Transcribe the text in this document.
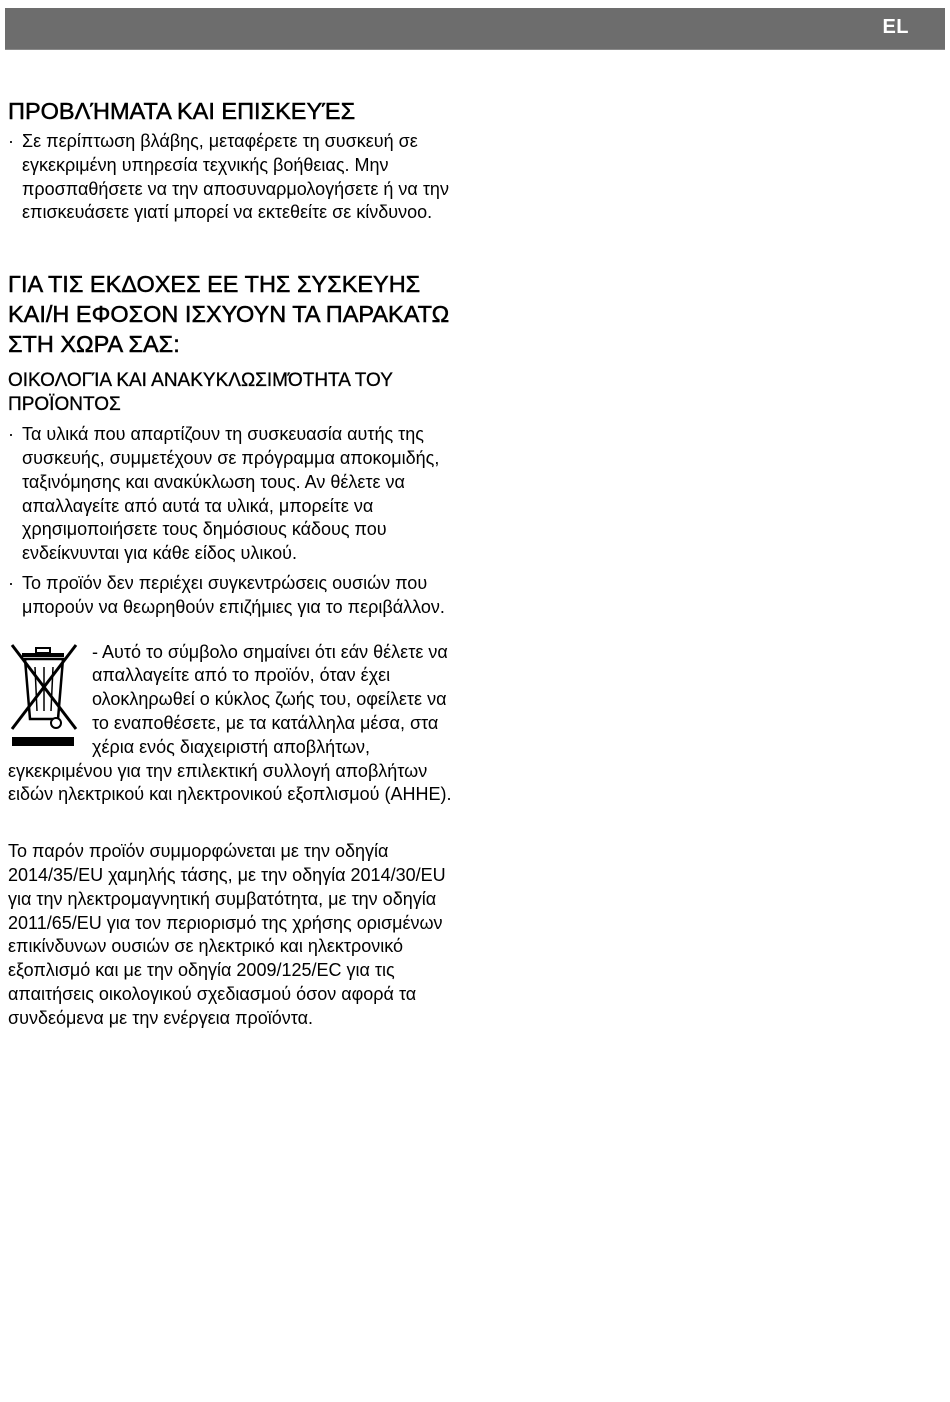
EL
ΠΡΟΒΛΉΜΑΤΑ ΚΑΙ ΕΠΙΣΚΕΥΈΣ
· Σε περίπτωση βλάβης, μεταφέρετε τη συσκευή σε εγκεκριμένη υπηρεσία τεχνικής βοήθειας. Μην προσπαθήσετε να την αποσυναρμολογήσετε ή να την επισκευάσετε γιατί μπορεί να εκτεθείτε σε κίνδυνοο.
ΓΙΑ ΤΙΣ ΕΚΔΟΧΕΣ ΕΕ ΤΗΣ ΣΥΣΚΕΥΗΣ ΚΑΙ/Η ΕΦΟΣΟΝ ΙΣΧΥΟΥΝ ΤΑ ΠΑΡΑΚΑΤΩ ΣΤΗ ΧΩΡΑ ΣΑΣ:
ΟΙΚΟΛΟΓΊΑ ΚΑΙ ΑΝΑΚΥΚΛΩΣΙΜΌΤΗΤΑ ΤΟΥ ΠΡΟΪΟΝΤΟΣ
· Τα υλικά που απαρτίζουν τη συσκευασία αυτής της συσκευής, συμμετέχουν σε πρόγραμμα αποκομιδής, ταξινόμησης και ανακύκλωση τους. Αν θέλετε να απαλλαγείτε από αυτά τα υλικά, μπορείτε να χρησιμοποιήσετε τους δημόσιους κάδους που ενδείκνυνται για κάθε είδος υλικού.
· Το προϊόν δεν περιέχει συγκεντρώσεις ουσιών που μπορούν να θεωρηθούν επιζήμιες για το περιβάλλον.

- Αυτό το σύμβολο σημαίνει ότι εάν θέλετε να απαλλαγείτε από το προϊόν, όταν έχει ολοκληρωθεί ο κύκλος ζωής του, οφείλετε να το εναποθέσετε, με τα κατάλληλα μέσα, στα χέρια ενός διαχειριστή αποβλήτων, εγκεκριμένου για την επιλεκτική συλλογή αποβλήτων ειδών ηλεκτρικού και ηλεκτρονικού εξοπλισμού (ΑΗΗΕ).

Το παρόν προϊόν συμμορφώνεται με την οδηγία 2014/35/EU χαμηλής τάσης, με την οδηγία 2014/30/EU για την ηλεκτρομαγνητική συμβατότητα, με την οδηγία 2011/65/EU για τον περιορισμό της χρήσης ορισμένων επικίνδυνων ουσιών σε ηλεκτρικό και ηλεκτρονικό εξοπλισμό και με την οδηγία 2009/125/EC για τις απαιτήσεις οικολογικού σχεδιασμού όσον αφορά τα συνδεόμενα με την ενέργεια προϊόντα.
